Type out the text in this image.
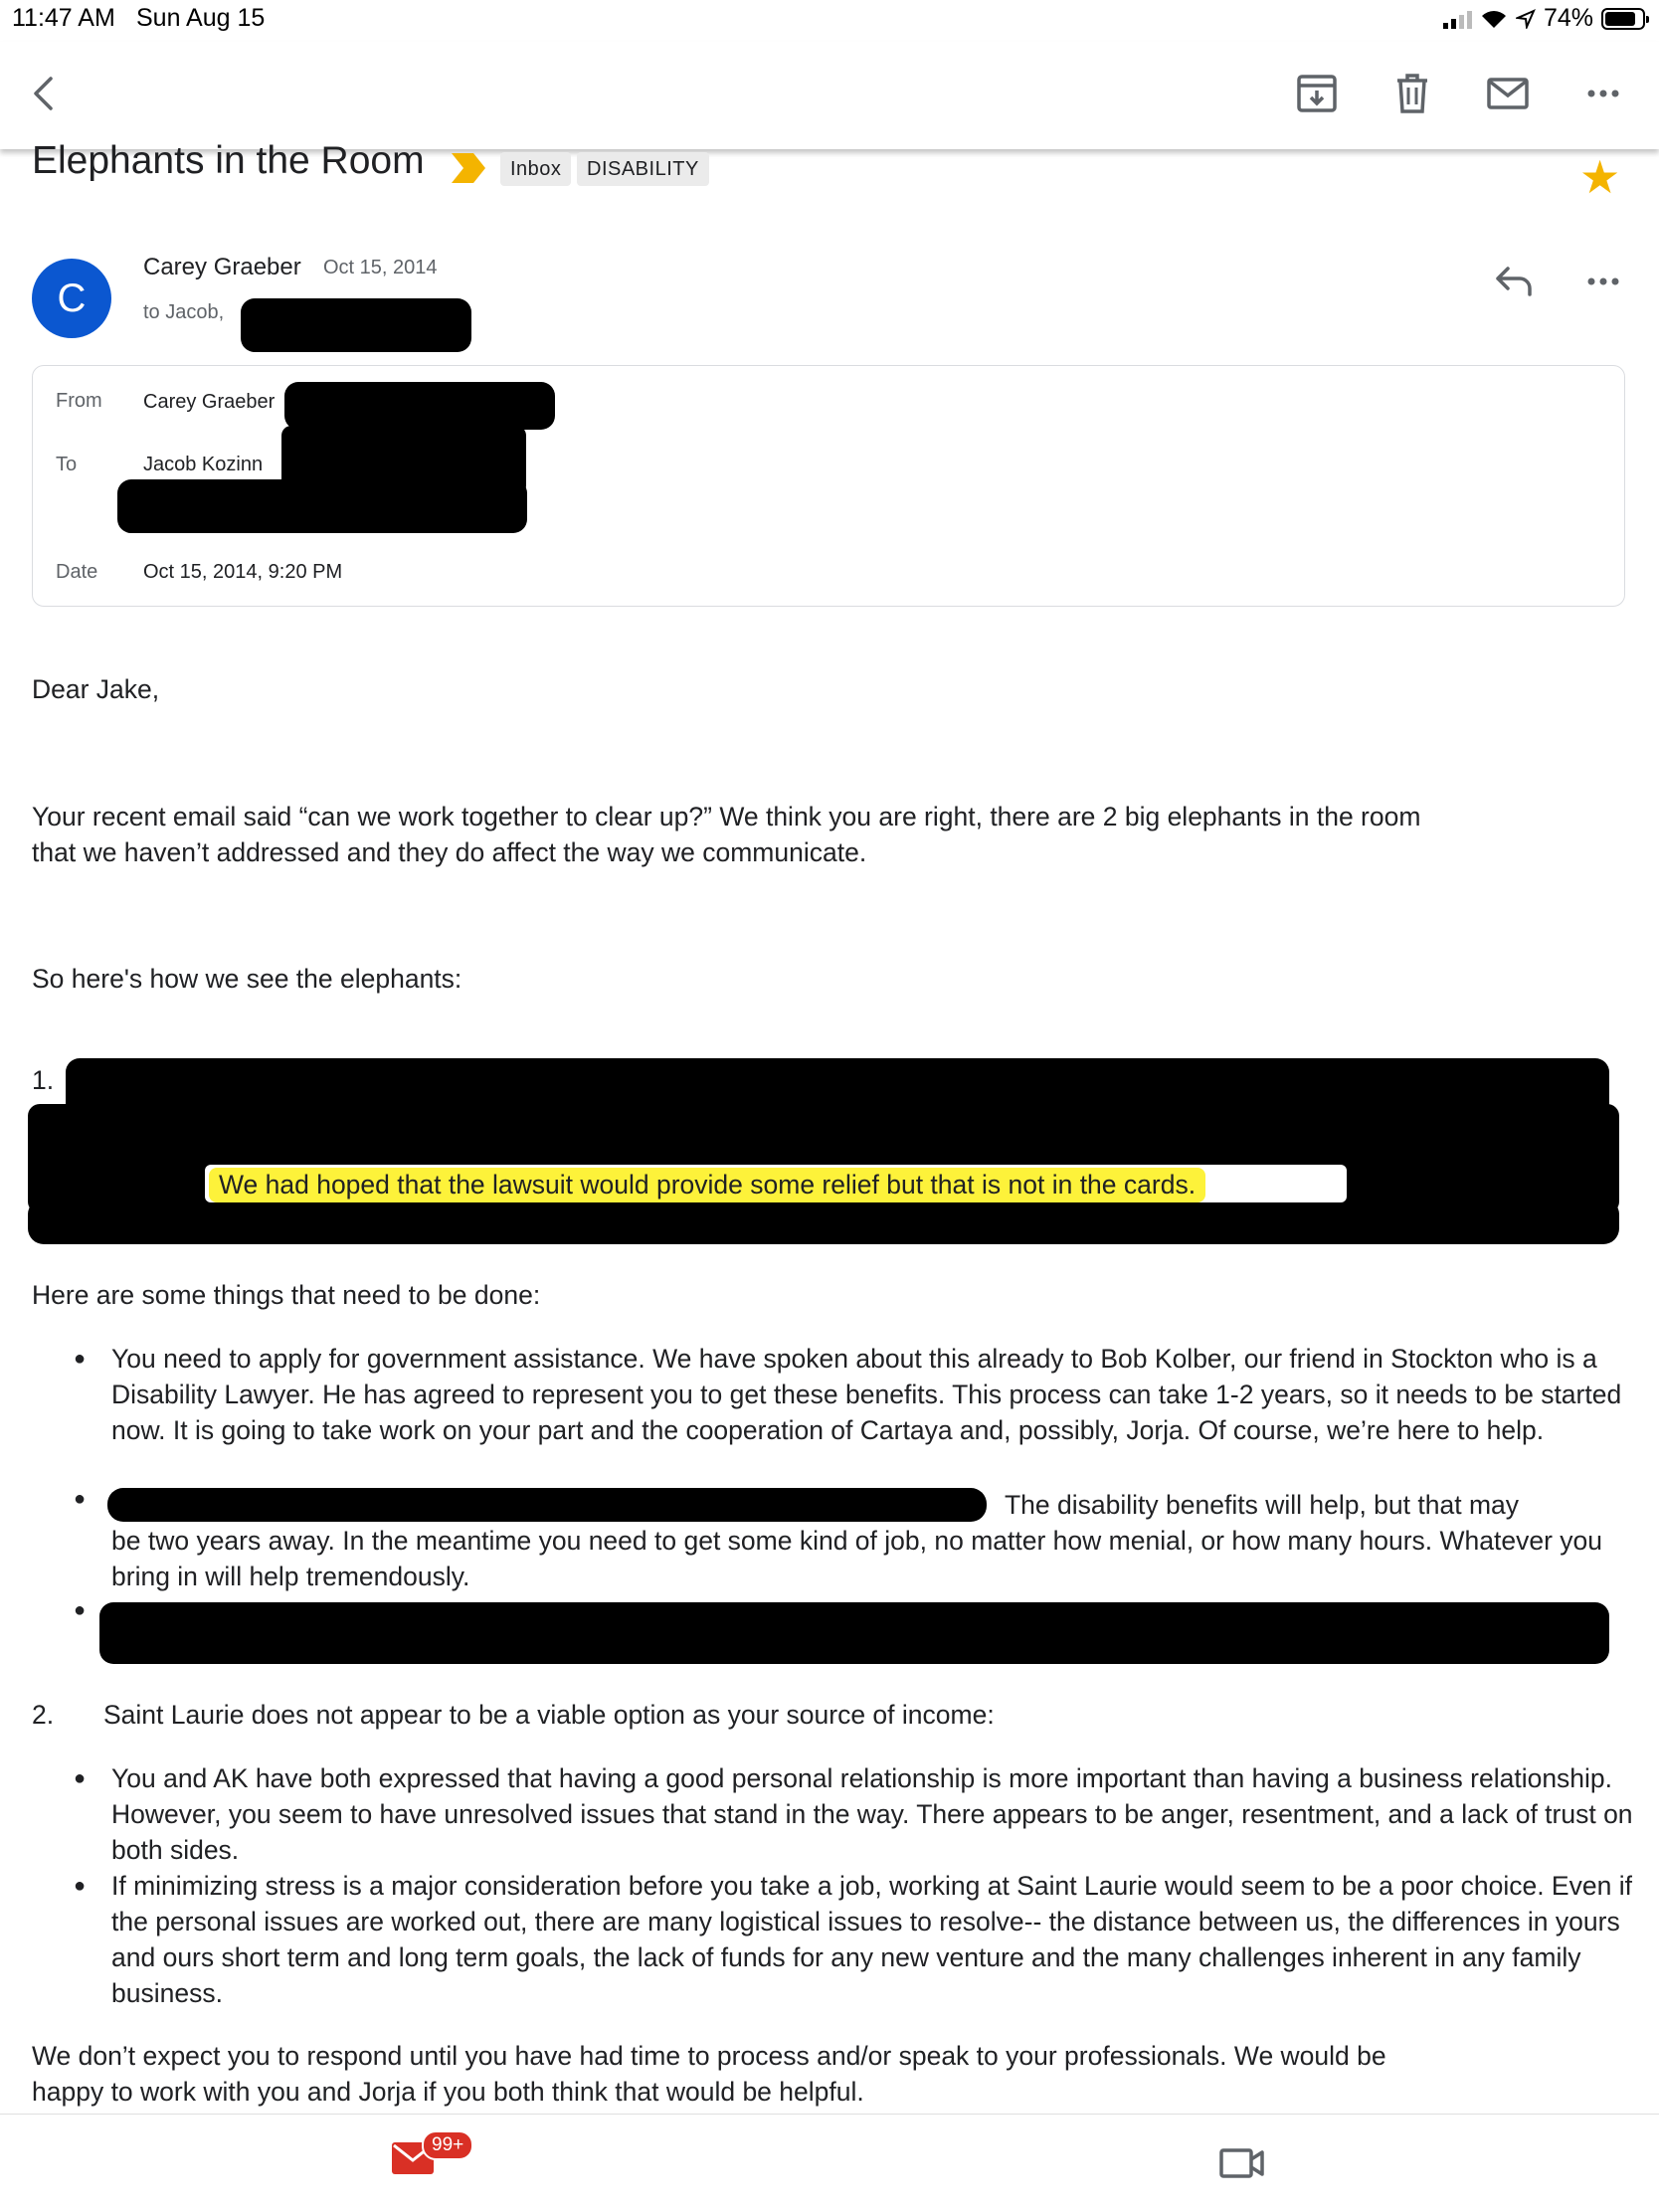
11:47 AM Sun Aug 15	74%
Elephants in the Room	Inbox	DISABILITY	★
C
Carey Graeber Oct 15, 2014
to Jacob,
From Carey Graeber
To	Jacob Kozinn
Date Oct 15, 2014, 9:20 PM
Dear Jake,
Your recent email said “can we work together to clear up?” We think you are right, there are 2 big elephants in the room
that we haven’t addressed and they do affect the way we communicate.
So here's how we see the elephants:
1.
We had hoped that the lawsuit would provide some relief but that is not in the cards.
Here are some things that need to be done:
● You need to apply for government assistance. We have spoken about this already to Bob Kolber, our friend in Stockton who is a Disability Lawyer. He has agreed to represent you to get these benefits. This process can take 1-2 years, so it needs to be started now. It is going to take work on your part and the cooperation of Cartaya and, possibly, Jorja. Of course, we’re here to help.
●	The disability benefits will help, but that may
be two years away. In the meantime you need to get some kind of job, no matter how menial, or how many hours. Whatever you bring in will help tremendously.
●
2.	Saint Laurie does not appear to be a viable option as your source of income:
● You and AK have both expressed that having a good personal relationship is more important than having a business relationship. However, you seem to have unresolved issues that stand in the way. There appears to be anger, resentment, and a lack of trust on both sides.
● If minimizing stress is a major consideration before you take a job, working at Saint Laurie would seem to be a poor choice. Even if the personal issues are worked out, there are many logistical issues to resolve-- the distance between us, the differences in yours and ours short term and long term goals, the lack of funds for any new venture and the many challenges inherent in any family business.
We don’t expect you to respond until you have had time to process and/or speak to your professionals. We would be
happy to work with you and Jorja if you both think that would be helpful.
99+
